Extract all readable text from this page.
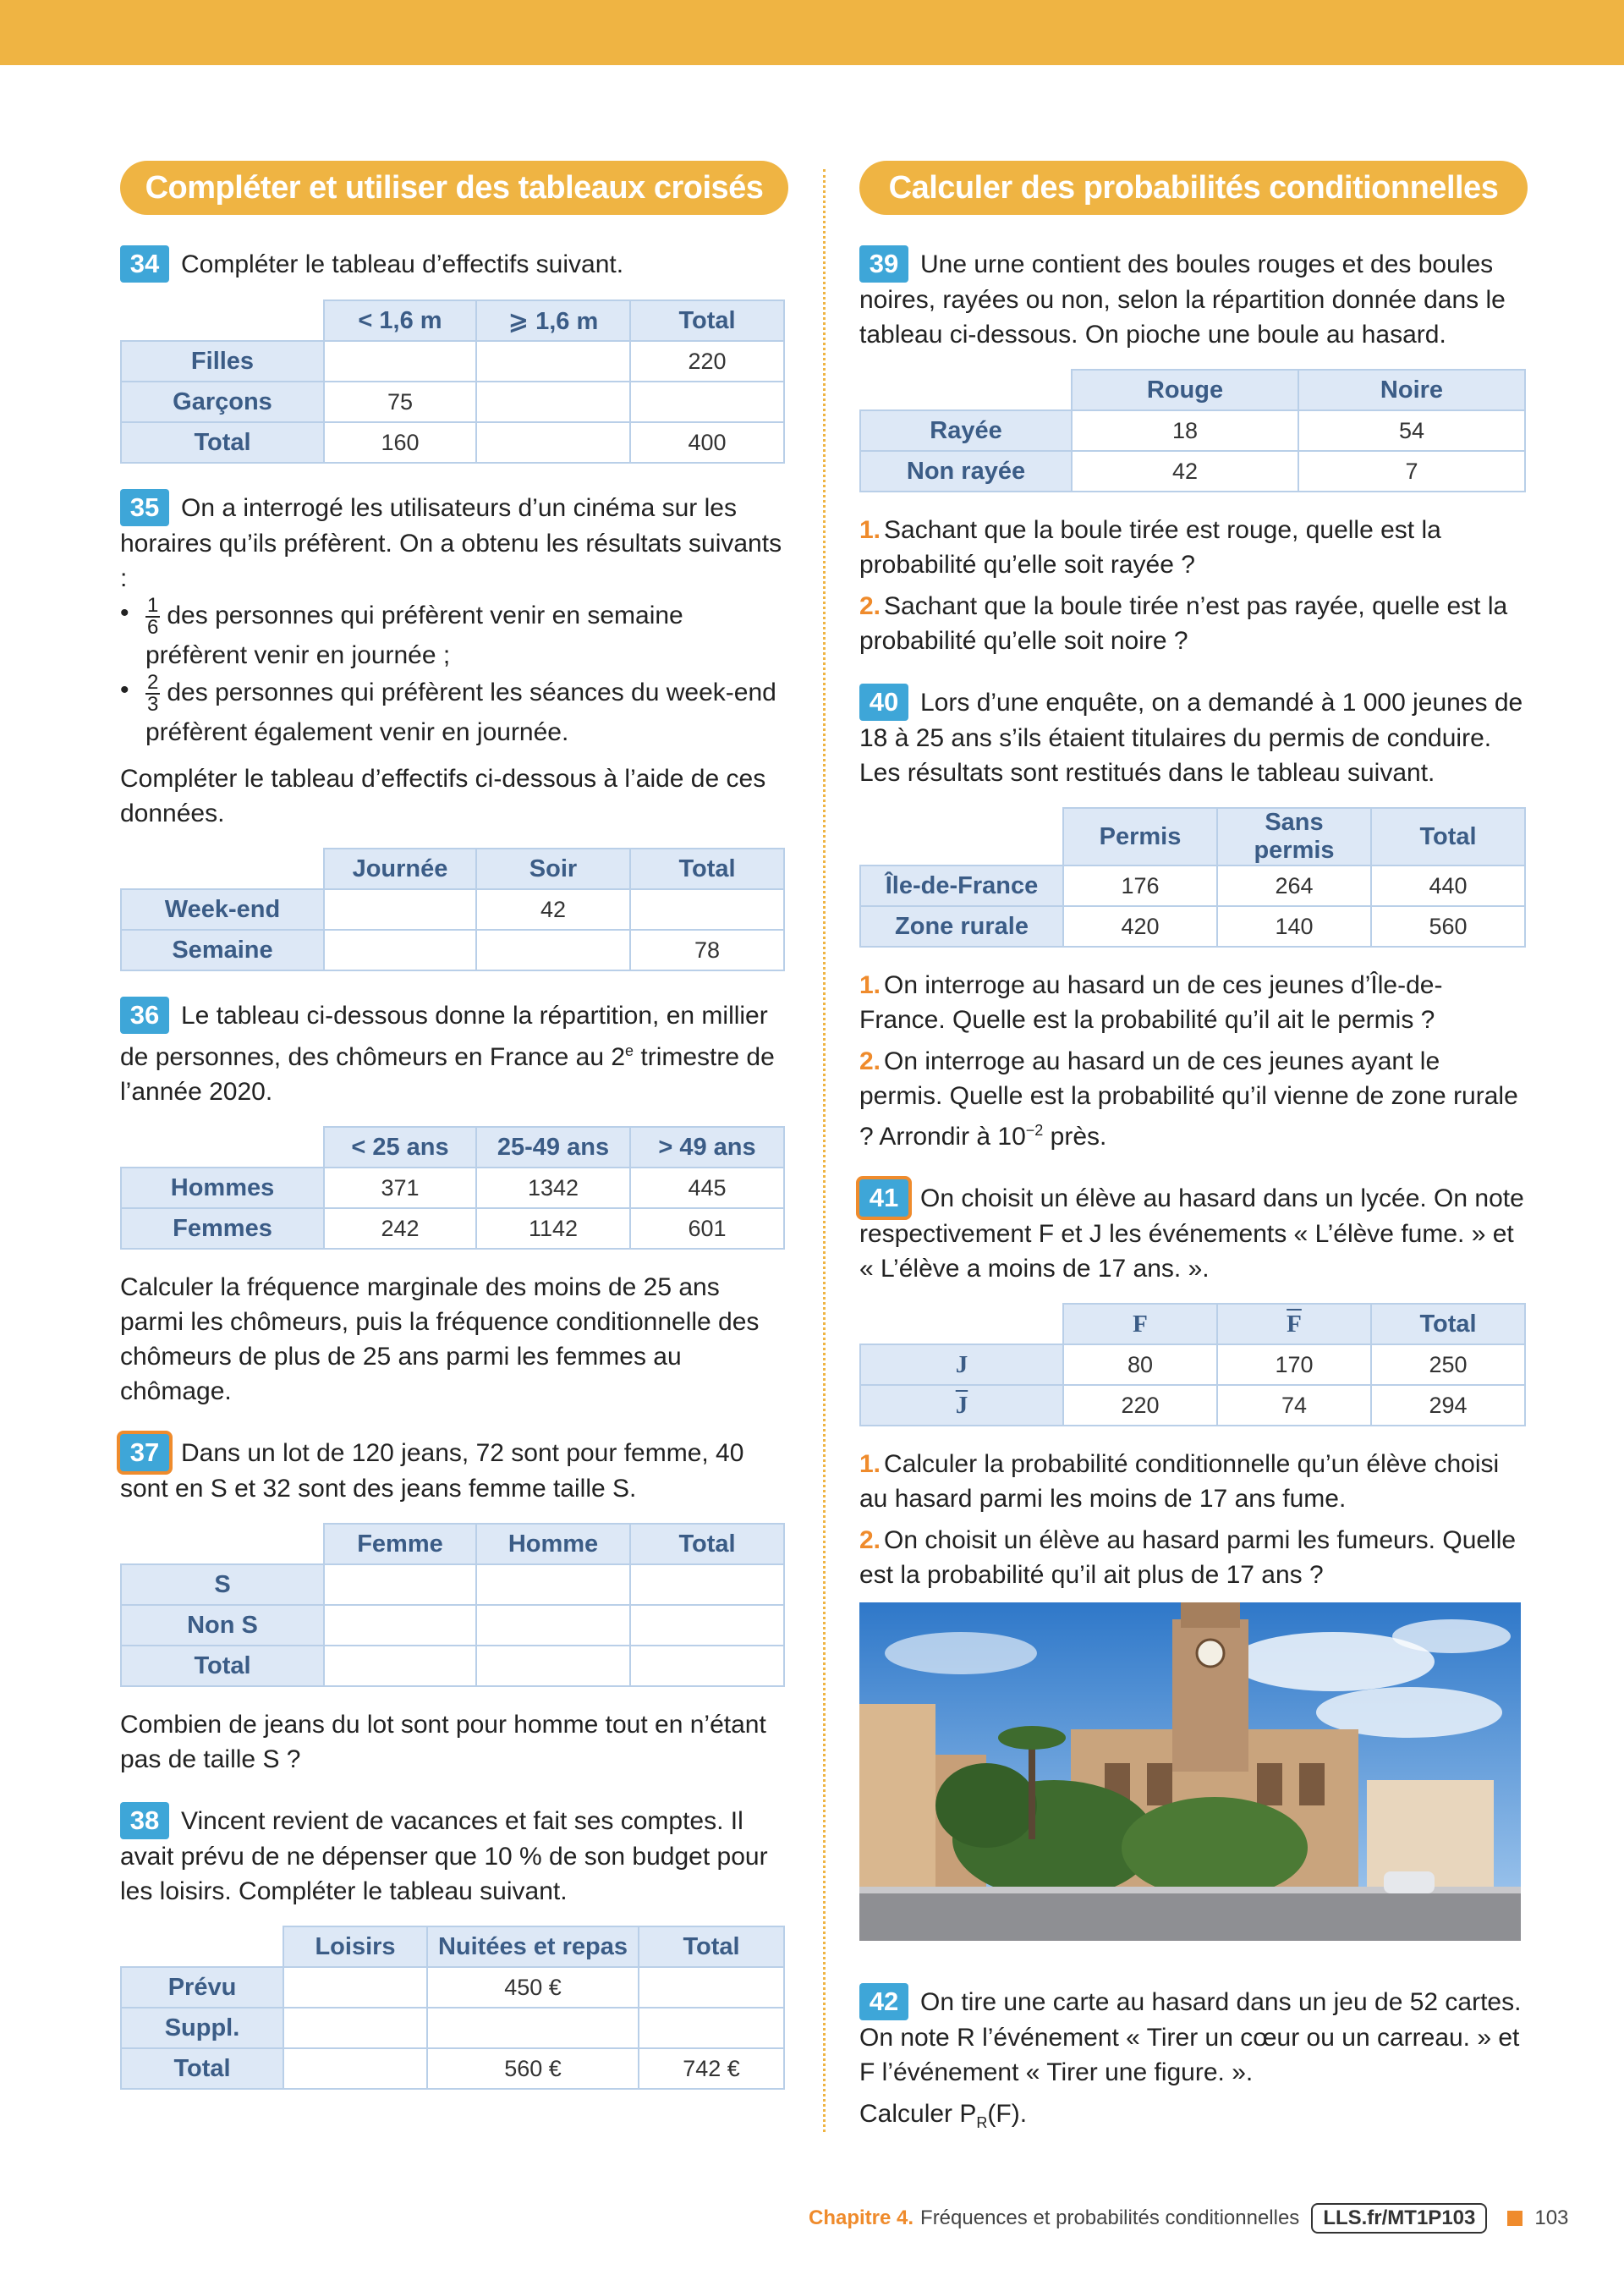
Compléter et utiliser des tableaux croisés

34 Compléter le tableau d’effectifs suivant.

	< 1,6 m	⩾ 1,6 m	Total
Filles			220
Garçons	75		
Total	160		400

35 On a interrogé les utilisateurs d’un cinéma sur les horaires qu’ils préfèrent. On a obtenu les résultats suivants :

• $\frac{1}{6}$ des personnes qui préfèrent venir en semaine préfèrent venir en journée ;
• $\frac{2}{3}$ des personnes qui préfèrent les séances du week-end préfèrent également venir en journée.

Compléter le tableau d’effectifs ci-dessous à l’aide de ces données.

	Journée	Soir	Total
Week-end		42	
Semaine			78

36 Le tableau ci-dessous donne la répartition, en millier de personnes, des chômeurs en France au 2e trimestre de l’année 2020.

	< 25 ans	25-49 ans	> 49 ans
Hommes	371	1342	445
Femmes	242	1142	601

Calculer la fréquence marginale des moins de 25 ans parmi les chômeurs, puis la fréquence conditionnelle des chômeurs de plus de 25 ans parmi les femmes au chômage.

37 Dans un lot de 120 jeans, 72 sont pour femme, 40 sont en S et 32 sont des jeans femme taille S.

	Femme	Homme	Total
S			
Non S			
Total			

Combien de jeans du lot sont pour homme tout en n’étant pas de taille S ?

38 Vincent revient de vacances et fait ses comptes. Il avait prévu de ne dépenser que 10 % de son budget pour les loisirs. Compléter le tableau suivant.

	Loisirs	Nuitées et repas	Total
Prévu		450 €	
Suppl.			
Total		560 €	742 €
Calculer des probabilités conditionnelles

39 Une urne contient des boules rouges et des boules noires, rayées ou non, selon la répartition donnée dans le tableau ci-dessous. On pioche une boule au hasard.

	Rouge	Noire
Rayée	18	54
Non rayée	42	7
1. Sachant que la boule tirée est rouge, quelle est la probabilité qu’elle soit rayée ?
2. Sachant que la boule tirée n’est pas rayée, quelle est la probabilité qu’elle soit noire ?

40 Lors d’une enquête, on a demandé à 1 000 jeunes de 18 à 25 ans s’ils étaient titulaires du permis de conduire. Les résultats sont restitués dans le tableau suivant.

	Permis	Sans permis	Total
Île-de-France	176	264	440
Zone rurale	420	140	560
1. On interroge au hasard un de ces jeunes d’Île-de-France. Quelle est la probabilité qu’il ait le permis ?
2. On interroge au hasard un de ces jeunes ayant le permis. Quelle est la probabilité qu’il vienne de zone rurale ? Arrondir à $10^{-2}$ près.

41 On choisit un élève au hasard dans un lycée. On note respectivement F et J les événements « L’élève fume. » et « L’élève a moins de 17 ans. ».

	F	$\overline{F}$	Total
J	80	170	250
$\overline{J}$	220	74	294
1. Calculer la probabilité conditionnelle qu’un élève choisi au hasard parmi les moins de 17 ans fume.
2. On choisit un élève au hasard parmi les fumeurs. Quelle est la probabilité qu’il ait plus de 17 ans ?

42 On tire une carte au hasard dans un jeu de 52 cartes. On note R l’événement « Tirer un cœur ou un carreau. » et F l’événement « Tirer une figure. ».

Calculer $P_R(F)$.

Chapitre 4. Fréquences et probabilités conditionnelles	LLS.fr/MT1P103	103
